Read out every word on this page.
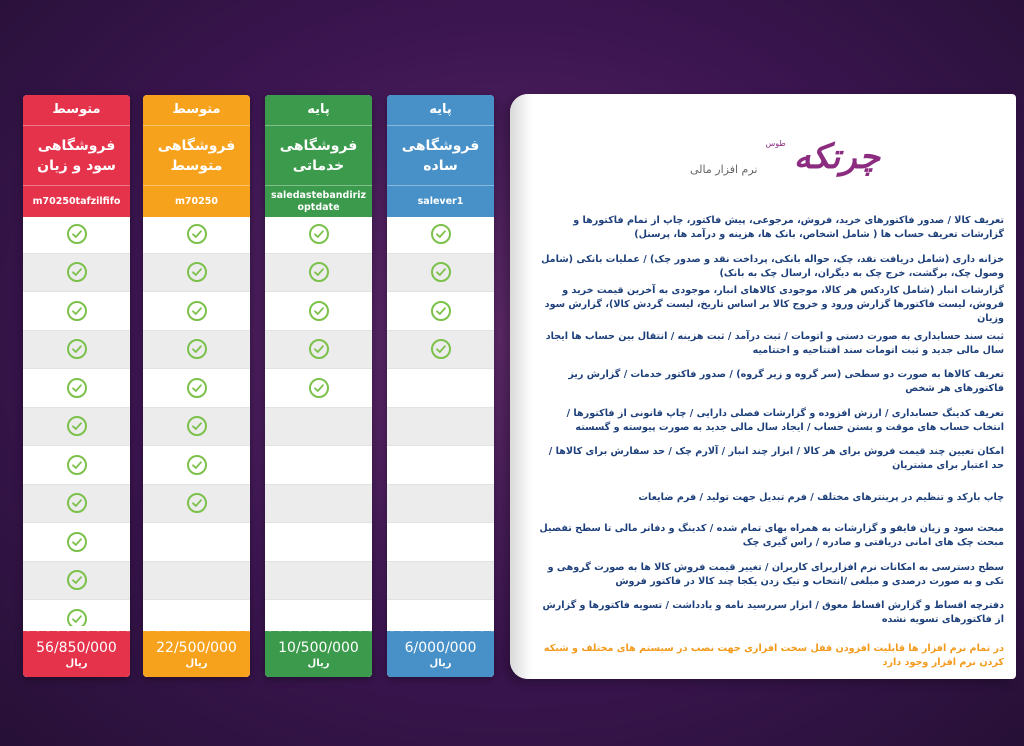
متوسط
فروشگاهی سود و زیان
m70250tafzilfifo
56/850/000
ریال
متوسط
فروشگاهی متوسط
m70250
22/500/000
ریال
پایه
فروشگاهی خدماتی
saledastebandirizoptdate
10/500/000
ریال
پایه
فروشگاهی ساده
salever1
6/000/000
ریال
چرتکه
طوس
نرم افزار مالی
تعریف کالا / صدور فاکتورهای خرید، فروش، مرجوعی، پیش فاکتور، چاپ از تمام فاکتورها و گزارشات تعریف حساب ها ( شامل اشخاص، بانک ها، هزینه و درآمد ها، پرسنل)
خزانه داری (شامل دریافت نقد، چک، حواله بانکی، پرداخت نقد و صدور چک) / عملیات بانکی (شامل وصول چک، برگشت، خرج چک به دیگران، ارسال چک به بانک)
گزارشات انبار (شامل کاردکس هر کالا، موجودی کالاهای انبار، موجودی به آخرین قیمت خرید و فروش، لیست فاکتورها گزارش ورود و خروج کالا بر اساس تاریخ، لیست گردش کالا)، گزارش سود وزیان
ثبت سند حسابداری به صورت دستی و اتومات / ثبت درآمد / ثبت هزینه / انتقال بین حساب ها ایجاد سال مالی جدید و ثبت اتومات سند افتتاحیه و اختتامیه
تعریف کالاها به صورت دو سطحی (سر گروه و زیر گروه) / صدور فاکتور خدمات / گزارش ریز فاکتورهای هر شخص
تعریف کدینگ حسابداری / ارزش افزوده و گزارشات فصلی دارایی / چاپ قانونی از فاکتورها /انتخاب حساب های موقت و بستن حساب / ایجاد سال مالی جدید به صورت پیوسته و گسسته
امکان تعیین چند قیمت فروش برای هر کالا / ابزار چند انبار / آلارم چک / حد سفارش برای کالاها / حد اعتبار برای مشتریان
چاپ بارکد و تنظیم در پرینترهای مختلف / فرم تبدیل جهت تولید / فرم ضایعات
مبحث سود و زیان فایفو و گزارشات به همراه بهای تمام شده / کدینگ و دفاتر مالی تا سطح تفصیل مبحث چک های امانی دریافتی و صادره / راس گیری چک
سطح دسترسی به امکانات نرم افزاربرای کاربران / تغییر قیمت فروش کالا ها به صورت گروهی و تکی و به صورت درصدی و مبلغی /انتخاب و تیک زدن یکجا چند کالا در فاکتور فروش
دفترچه اقساط و گزارش اقساط معوق / ابزار سررسید نامه و یادداشت / تسویه فاکتورها و گزارش از فاکتورهای تسویه نشده
در تمام نرم افزار ها قابلیت افزودن قفل سخت افزاری جهت نصب در سیستم های مختلف و شبکه کردن نرم افزار وجود دارد
